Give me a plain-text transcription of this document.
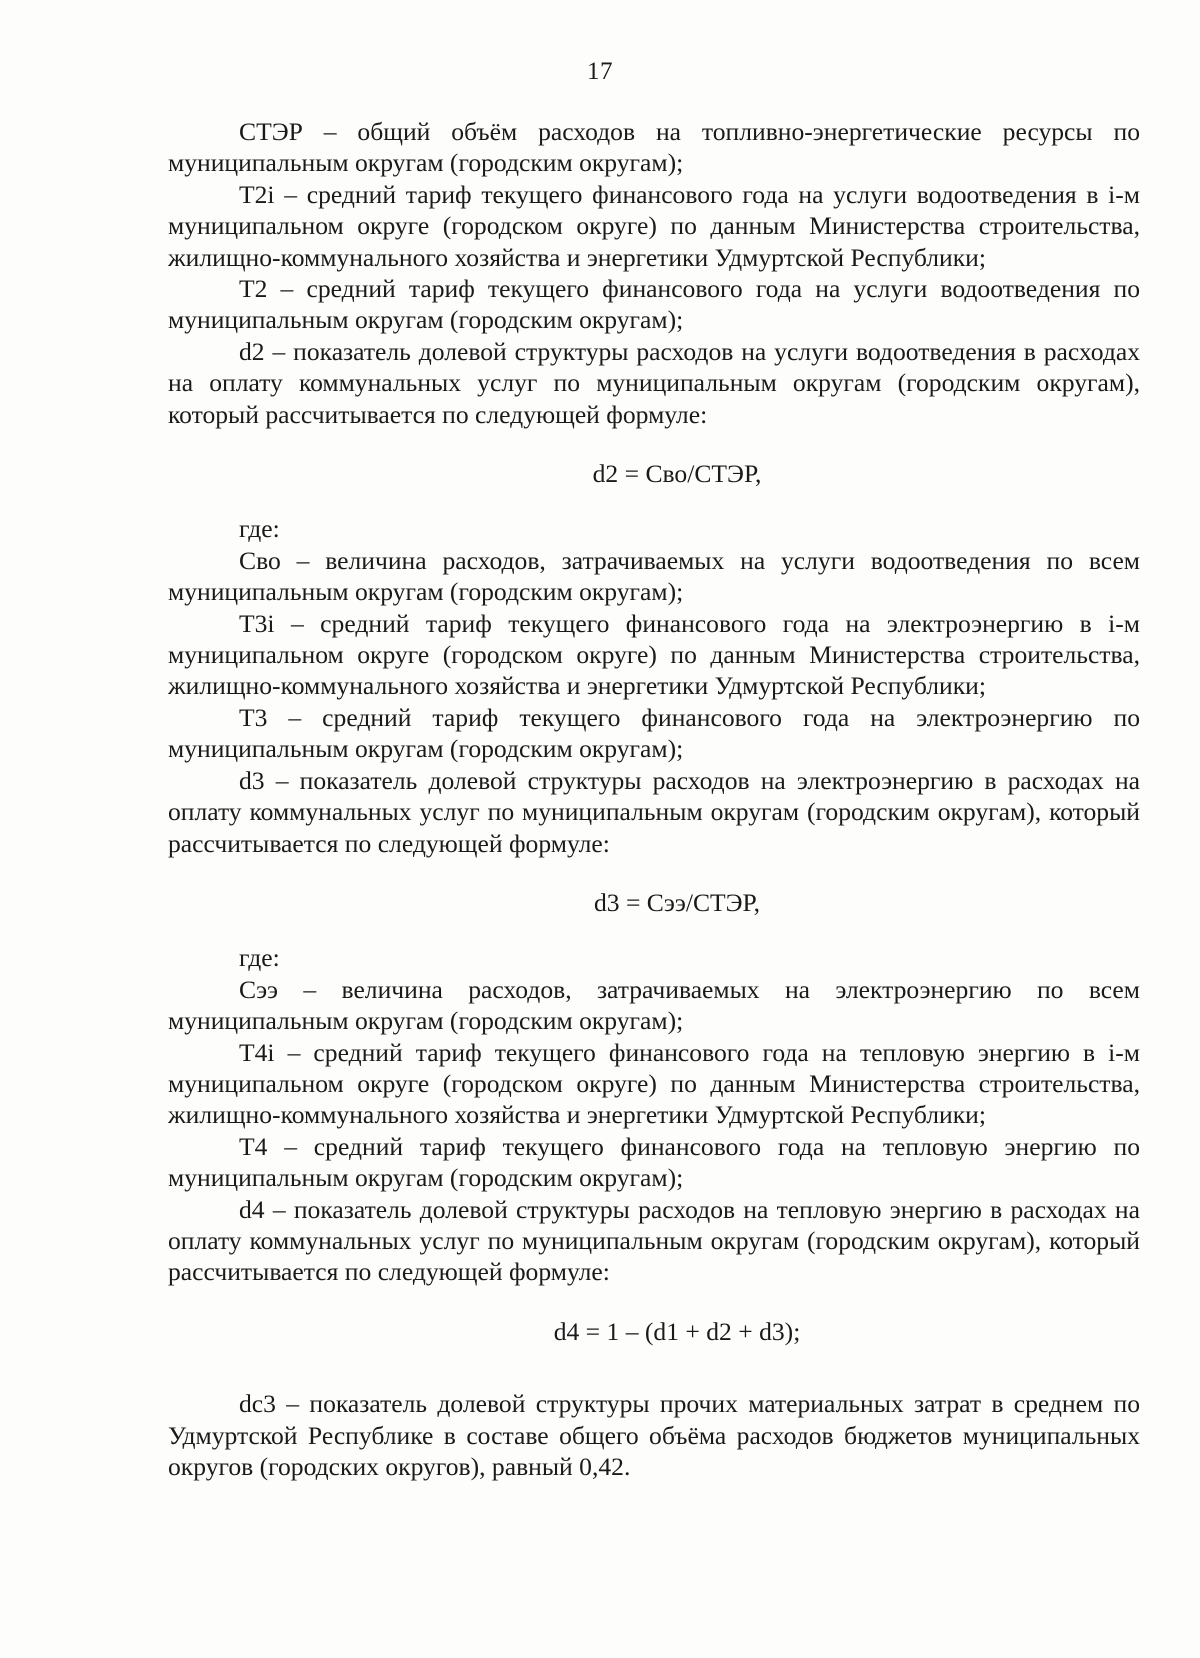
17

СТЭР – общий объём расходов на топливно-энергетические ресурсы по муниципальным округам (городским округам);

T2i – средний тариф текущего финансового года на услуги водоотведения в i-м муниципальном округе (городском округе) по данным Министерства строительства, жилищно-коммунального хозяйства и энергетики Удмуртской Республики;

T2 – средний тариф текущего финансового года на услуги водоотведения по муниципальным округам (городским округам);

d2 – показатель долевой структуры расходов на услуги водоотведения в расходах на оплату коммунальных услуг по муниципальным округам (городским округам), который рассчитывается по следующей формуле:

d2 = Cво/СТЭР,

где:

Cво – величина расходов, затрачиваемых на услуги водоотведения по всем муниципальным округам (городским округам);

T3i – средний тариф текущего финансового года на электроэнергию в i-м муниципальном округе (городском округе) по данным Министерства строительства, жилищно-коммунального хозяйства и энергетики Удмуртской Республики;

T3 – средний тариф текущего финансового года на электроэнергию по муниципальным округам (городским округам);

d3 – показатель долевой структуры расходов на электроэнергию в расходах на оплату коммунальных услуг по муниципальным округам (городским округам), который рассчитывается по следующей формуле:

d3 = Cээ/СТЭР,

где:

Cээ – величина расходов, затрачиваемых на электроэнергию по всем муниципальным округам (городским округам);

T4i – средний тариф текущего финансового года на тепловую энергию в i-м муниципальном округе (городском округе) по данным Министерства строительства, жилищно-коммунального хозяйства и энергетики Удмуртской Республики;

T4 – средний тариф текущего финансового года на тепловую энергию по муниципальным округам (городским округам);

d4 – показатель долевой структуры расходов на тепловую энергию в расходах на оплату коммунальных услуг по муниципальным округам (городским округам), который рассчитывается по следующей формуле:

d4 = 1 – (d1 + d2 + d3);

dc3 – показатель долевой структуры прочих материальных затрат в среднем по Удмуртской Республике в составе общего объёма расходов бюджетов муниципальных округов (городских округов), равный 0,42.
